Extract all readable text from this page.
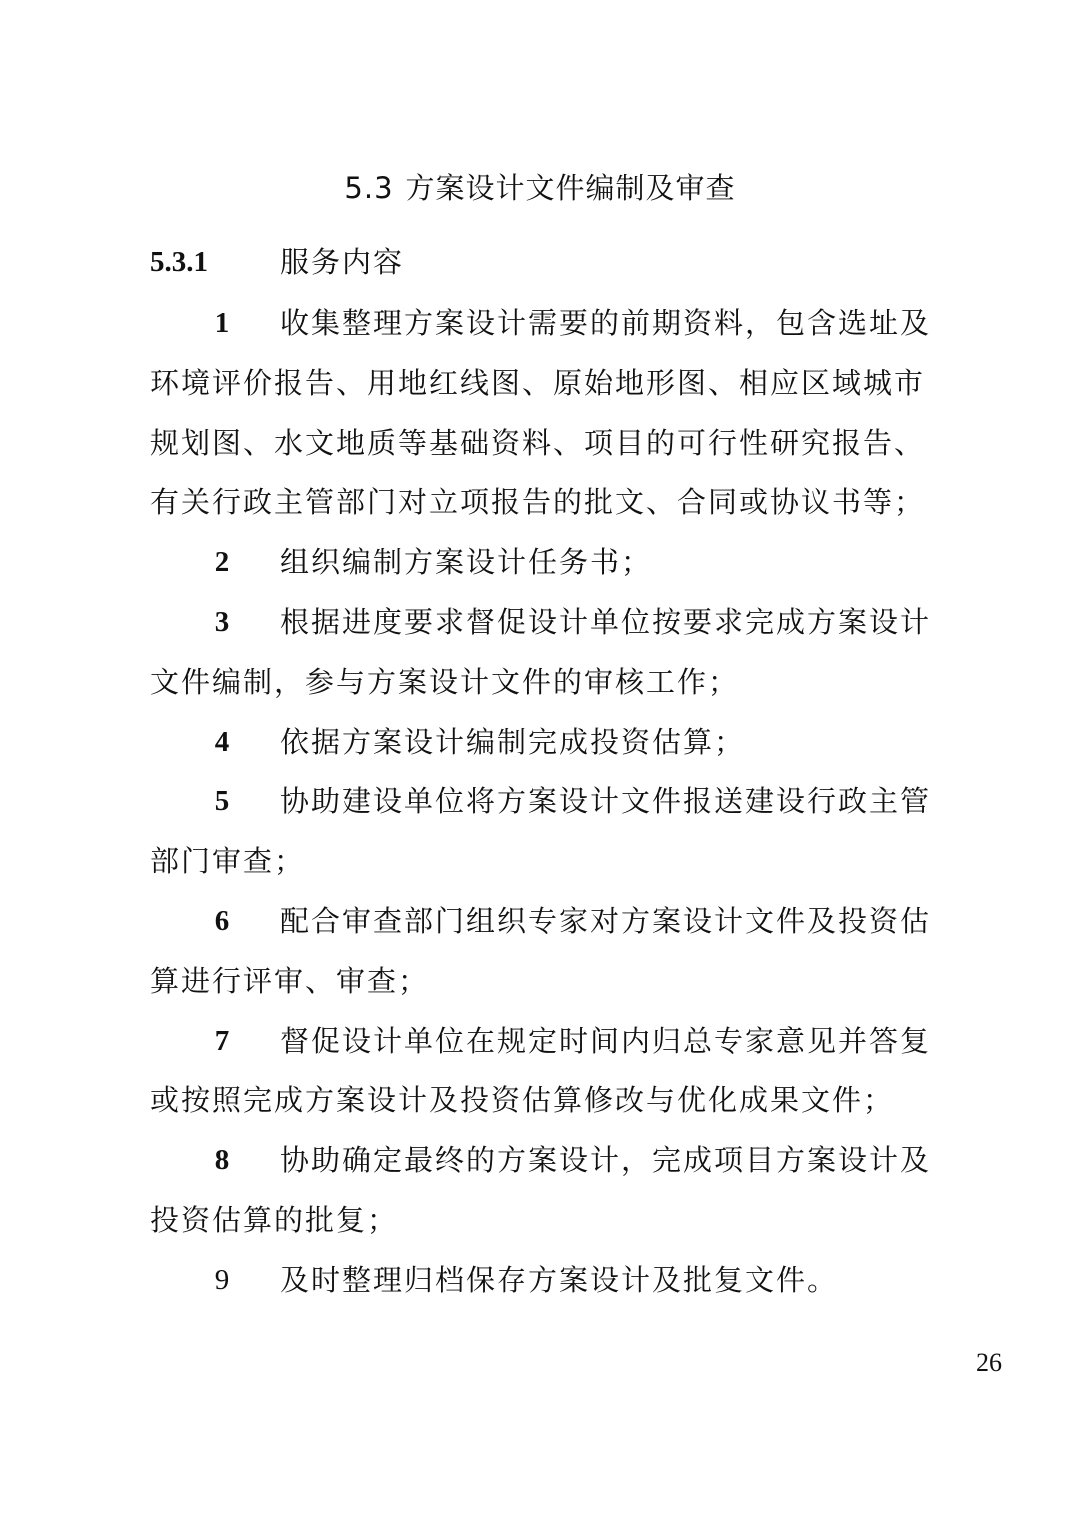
5.3 方案设计文件编制及审查
5.3.1	服务内容
1 收集整理方案设计需要的前期资料，包含选址及
环境评价报告、用地红线图、原始地形图、相应区域城市
规划图、水文地质等基础资料、项目的可行性研究报告、
有关行政主管部门对立项报告的批文、合同或协议书等；
2 组织编制方案设计任务书；
3 根据进度要求督促设计单位按要求完成方案设计
文件编制，参与方案设计文件的审核工作；
4 依据方案设计编制完成投资估算；
5 协助建设单位将方案设计文件报送建设行政主管
部门审查；
6 配合审查部门组织专家对方案设计文件及投资估
算进行评审、审查；
7 督促设计单位在规定时间内归总专家意见并答复
或按照完成方案设计及投资估算修改与优化成果文件；
8 协助确定最终的方案设计，完成项目方案设计及
投资估算的批复；
9 及时整理归档保存方案设计及批复文件。
26
